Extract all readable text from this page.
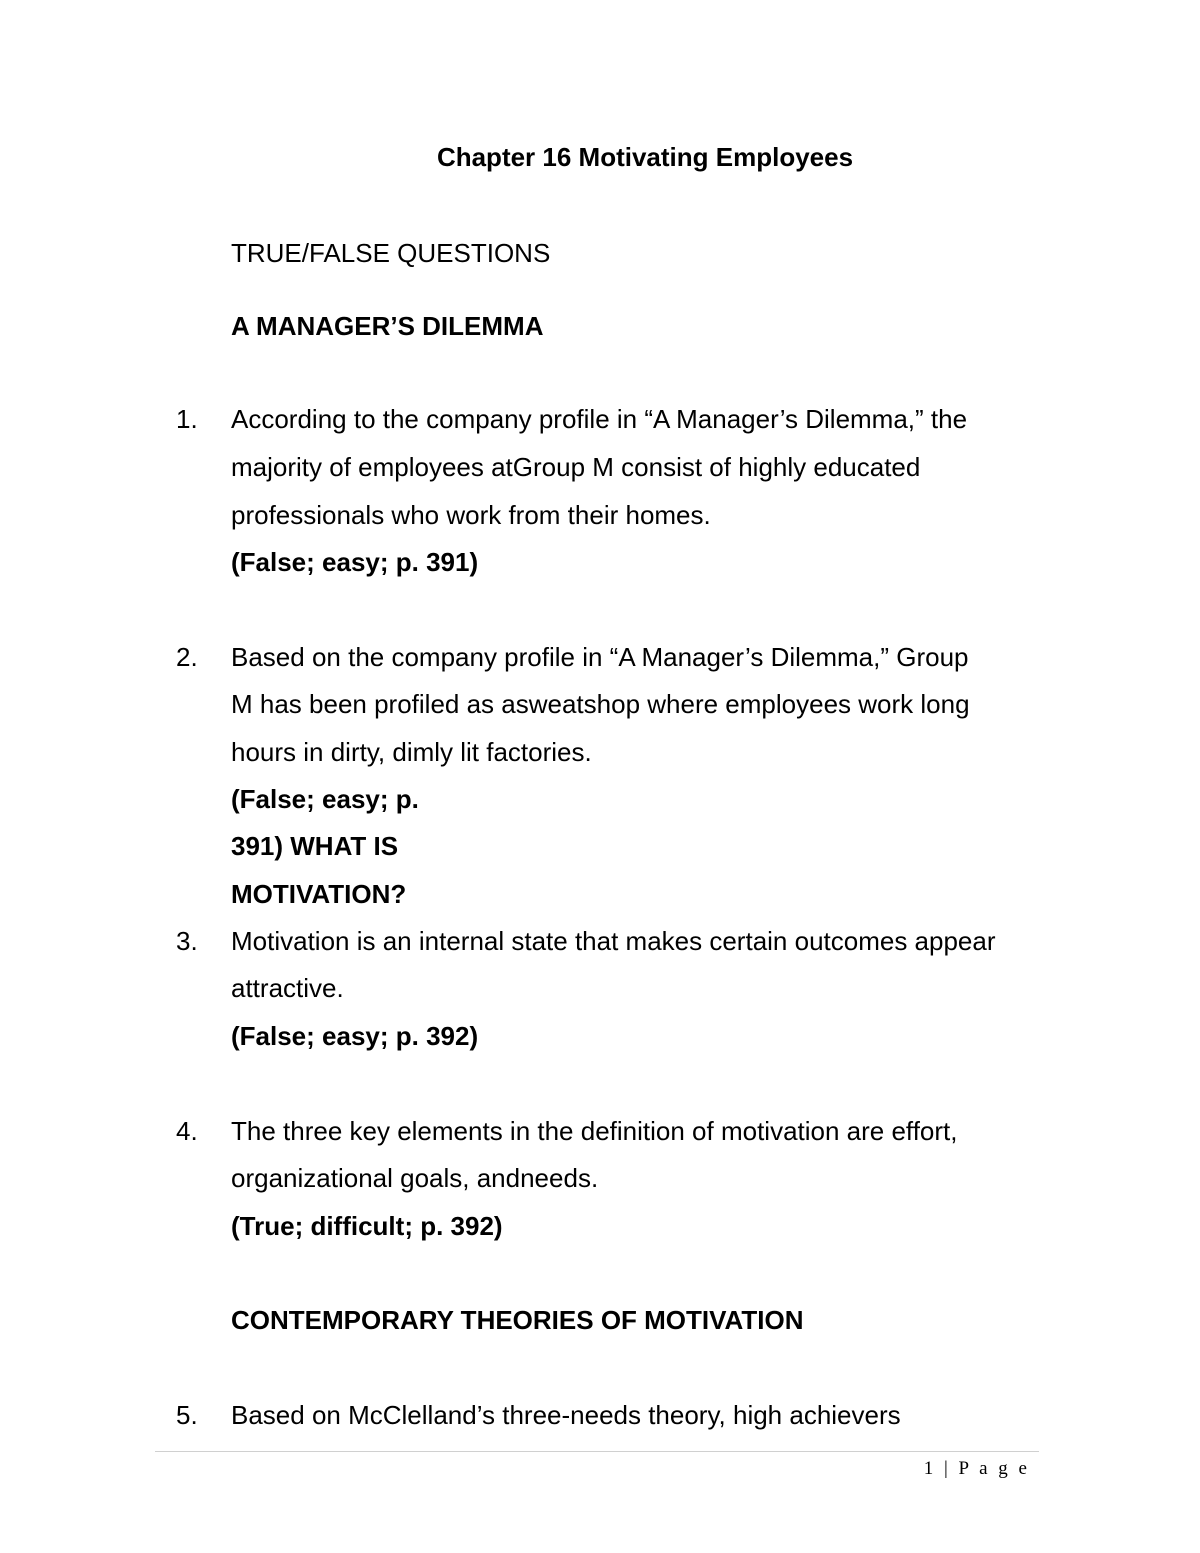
Chapter 16 Motivating Employees
TRUE/FALSE QUESTIONS
A MANAGER’S DILEMMA
1. According to the company profile in “A Manager’s Dilemma,” the
majority of employees atGroup M consist of highly educated
professionals who work from their homes.
(False; easy; p. 391)
2. Based on the company profile in “A Manager’s Dilemma,” Group
M has been profiled as asweatshop where employees work long
hours in dirty, dimly lit factories.
(False; easy; p.
391) WHAT IS
MOTIVATION?
3. Motivation is an internal state that makes certain outcomes appear
attractive.
(False; easy; p. 392)
4. The three key elements in the definition of motivation are effort,
organizational goals, andneeds.
(True; difficult; p. 392)
CONTEMPORARY THEORIES OF MOTIVATION
5. Based on McClelland’s three-needs theory, high achievers
1 | P a g e
